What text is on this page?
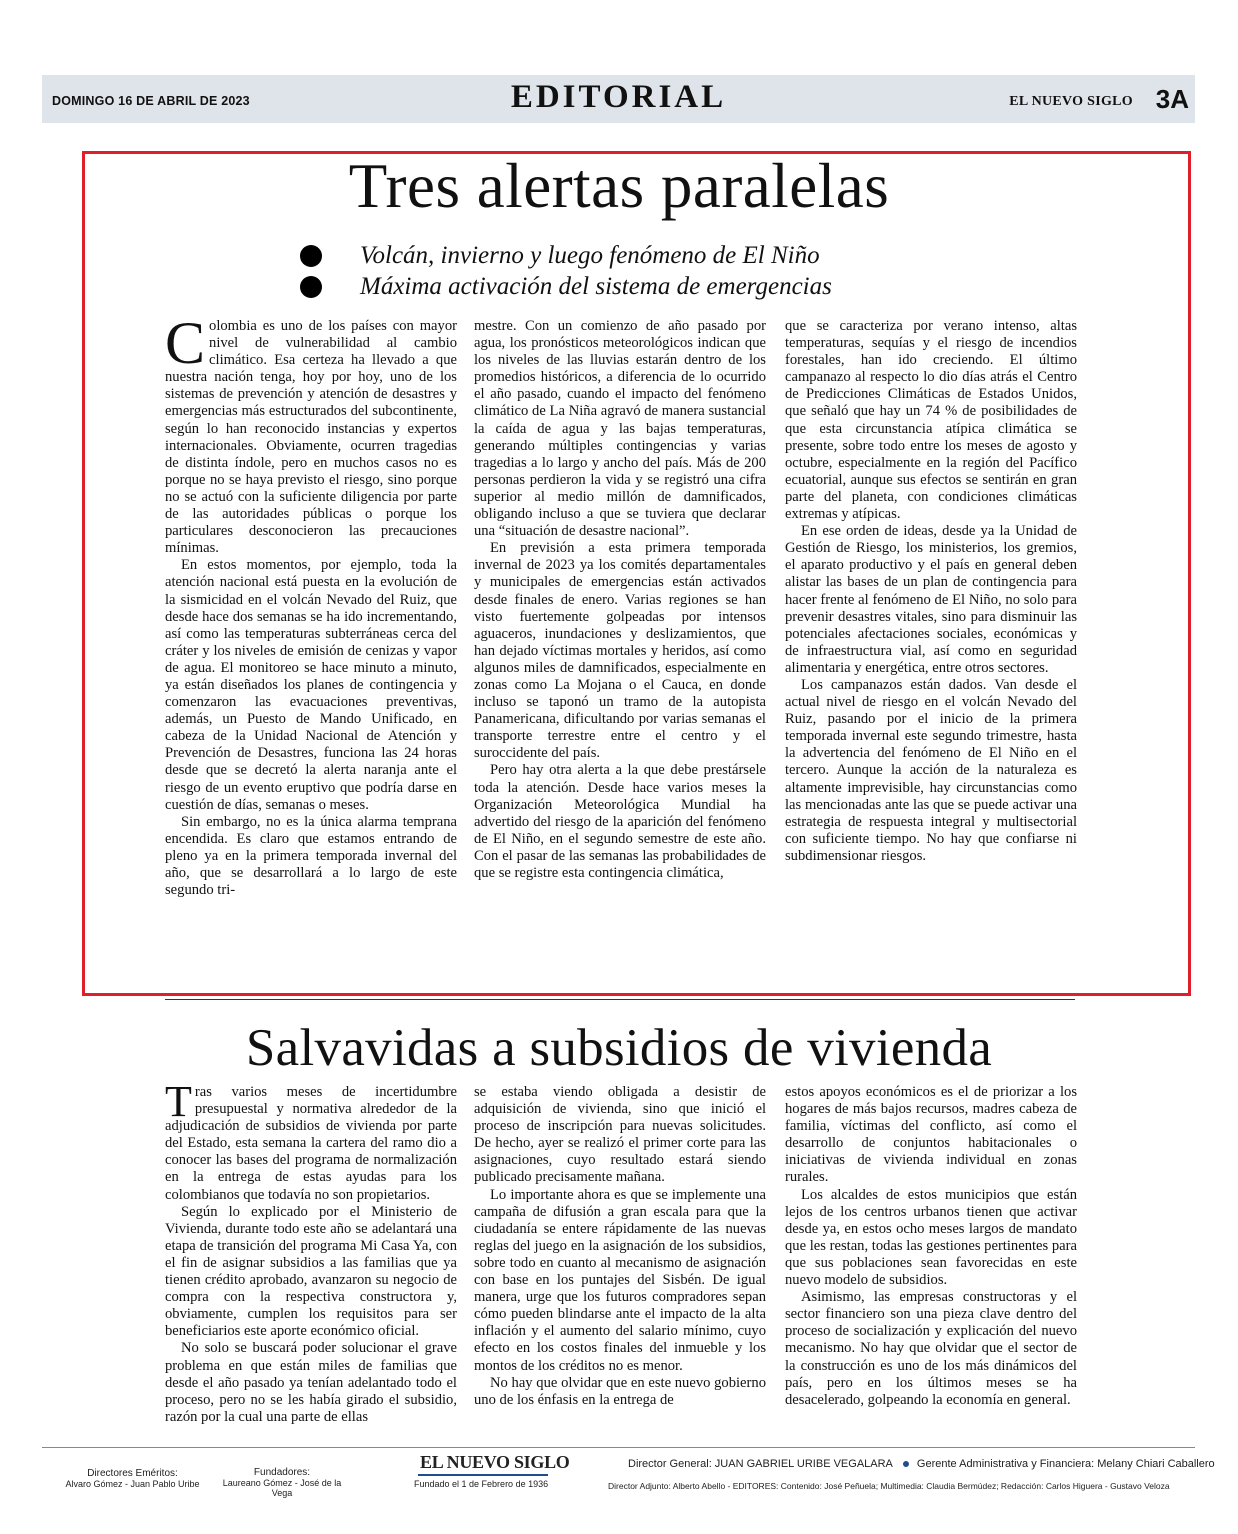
DOMINGO 16 DE ABRIL DE 2023	EDITORIAL	EL NUEVO SIGLO 3A
Tres alertas paralelas
Volcán, invierno y luego fenómeno de El Niño
Máxima activación del sistema de emergencias

Colombia es uno de los países con mayor nivel de vulnerabilidad al cambio climático. Esa certeza ha llevado a que nuestra nación tenga, hoy por hoy, uno de los sistemas de prevención y atención de desastres y emergencias más estructurados del subcontinente, según lo han reconocido instancias y expertos internacionales. Obviamente, ocurren tragedias de distinta índole, pero en muchos casos no es porque no se haya previsto el riesgo, sino porque no se actuó con la suficiente diligencia por parte de las autoridades públicas o porque los particulares desconocieron las precauciones mínimas.

En estos momentos, por ejemplo, toda la atención nacional está puesta en la evolución de la sismicidad en el volcán Nevado del Ruiz, que desde hace dos semanas se ha ido incrementando, así como las temperaturas subterráneas cerca del cráter y los niveles de emisión de cenizas y vapor de agua. El monitoreo se hace minuto a minuto, ya están diseñados los planes de contingencia y comenzaron las evacuaciones preventivas, además, un Puesto de Mando Unificado, en cabeza de la Unidad Nacional de Atención y Prevención de Desastres, funciona las 24 horas desde que se decretó la alerta naranja ante el riesgo de un evento eruptivo que podría darse en cuestión de días, semanas o meses.

Sin embargo, no es la única alarma temprana encendida. Es claro que estamos entrando de pleno ya en la primera temporada invernal del año, que se desarrollará a lo largo de este segundo tri-

mestre. Con un comienzo de año pasado por agua, los pronósticos meteorológicos indican que los niveles de las lluvias estarán dentro de los promedios históricos, a diferencia de lo ocurrido el año pasado, cuando el impacto del fenómeno climático de La Niña agravó de manera sustancial la caída de agua y las bajas temperaturas, generando múltiples contingencias y varias tragedias a lo largo y ancho del país. Más de 200 personas perdieron la vida y se registró una cifra superior al medio millón de damnificados, obligando incluso a que se tuviera que declarar una “situación de desastre nacional”.

En previsión a esta primera temporada invernal de 2023 ya los comités departamentales y municipales de emergencias están activados desde finales de enero. Varias regiones se han visto fuertemente golpeadas por intensos aguaceros, inundaciones y deslizamientos, que han dejado víctimas mortales y heridos, así como algunos miles de damnificados, especialmente en zonas como La Mojana o el Cauca, en donde incluso se taponó un tramo de la autopista Panamericana, dificultando por varias semanas el transporte terrestre entre el centro y el suroccidente del país.

Pero hay otra alerta a la que debe prestársele toda la atención. Desde hace varios meses la Organización Meteorológica Mundial ha advertido del riesgo de la aparición del fenómeno de El Niño, en el segundo semestre de este año. Con el pasar de las semanas las probabilidades de que se registre esta contingencia climática,

que se caracteriza por verano intenso, altas temperaturas, sequías y el riesgo de incendios forestales, han ido creciendo. El último campanazo al respecto lo dio días atrás el Centro de Predicciones Climáticas de Estados Unidos, que señaló que hay un 74 % de posibilidades de que esta circunstancia atípica climática se presente, sobre todo entre los meses de agosto y octubre, especialmente en la región del Pacífico ecuatorial, aunque sus efectos se sentirán en gran parte del planeta, con condiciones climáticas extremas y atípicas.

En ese orden de ideas, desde ya la Unidad de Gestión de Riesgo, los ministerios, los gremios, el aparato productivo y el país en general deben alistar las bases de un plan de contingencia para hacer frente al fenómeno de El Niño, no solo para prevenir desastres vitales, sino para disminuir las potenciales afectaciones sociales, económicas y de infraestructura vial, así como en seguridad alimentaria y energética, entre otros sectores.

Los campanazos están dados. Van desde el actual nivel de riesgo en el volcán Nevado del Ruiz, pasando por el inicio de la primera temporada invernal este segundo trimestre, hasta la advertencia del fenómeno de El Niño en el tercero. Aunque la acción de la naturaleza es altamente imprevisible, hay circunstancias como las mencionadas ante las que se puede activar una estrategia de respuesta integral y multisectorial con suficiente tiempo. No hay que confiarse ni subdimensionar riesgos.

Salvavidas a subsidios de vivienda

Tras varios meses de incertidumbre presupuestal y normativa alrededor de la adjudicación de subsidios de vivienda por parte del Estado, esta semana la cartera del ramo dio a conocer las bases del programa de normalización en la entrega de estas ayudas para los colombianos que todavía no son propietarios.

Según lo explicado por el Ministerio de Vivienda, durante todo este año se adelantará una etapa de transición del programa Mi Casa Ya, con el fin de asignar subsidios a las familias que ya tienen crédito aprobado, avanzaron su negocio de compra con la respectiva constructora y, obviamente, cumplen los requisitos para ser beneficiarios este aporte económico oficial.

No solo se buscará poder solucionar el grave problema en que están miles de familias que desde el año pasado ya tenían adelantado todo el proceso, pero no se les había girado el subsidio, razón por la cual una parte de ellas

se estaba viendo obligada a desistir de adquisición de vivienda, sino que inició el proceso de inscripción para nuevas solicitudes. De hecho, ayer se realizó el primer corte para las asignaciones, cuyo resultado estará siendo publicado precisamente mañana.

Lo importante ahora es que se implemente una campaña de difusión a gran escala para que la ciudadanía se entere rápidamente de las nuevas reglas del juego en la asignación de los subsidios, sobre todo en cuanto al mecanismo de asignación con base en los puntajes del Sisbén. De igual manera, urge que los futuros compradores sepan cómo pueden blindarse ante el impacto de la alta inflación y el aumento del salario mínimo, cuyo efecto en los costos finales del inmueble y los montos de los créditos no es menor.

No hay que olvidar que en este nuevo gobierno uno de los énfasis en la entrega de

estos apoyos económicos es el de priorizar a los hogares de más bajos recursos, madres cabeza de familia, víctimas del conflicto, así como el desarrollo de conjuntos habitacionales o iniciativas de vivienda individual en zonas rurales.

Los alcaldes de estos municipios que están lejos de los centros urbanos tienen que activar desde ya, en estos ocho meses largos de mandato que les restan, todas las gestiones pertinentes para que sus poblaciones sean favorecidas en este nuevo modelo de subsidios.

Asimismo, las empresas constructoras y el sector financiero son una pieza clave dentro del proceso de socialización y explicación del nuevo mecanismo. No hay que olvidar que el sector de la construcción es uno de los más dinámicos del país, pero en los últimos meses se ha desacelerado, golpeando la economía en general.

Directores Eméritos:
Alvaro Gómez - Juan Pablo Uribe
Fundadores:
Laureano Gómez - José de la Vega
EL NUEVO SIGLO
Fundado el 1 de Febrero de 1936
Director General: JUAN GABRIEL URIBE VEGALARA Gerente Administrativa y Financiera: Melany Chiari Caballero
Director Adjunto: Alberto Abello - EDITORES: Contenido: José Peñuela; Multimedia: Claudia Bermúdez; Redacción: Carlos Higuera - Gustavo Veloza
